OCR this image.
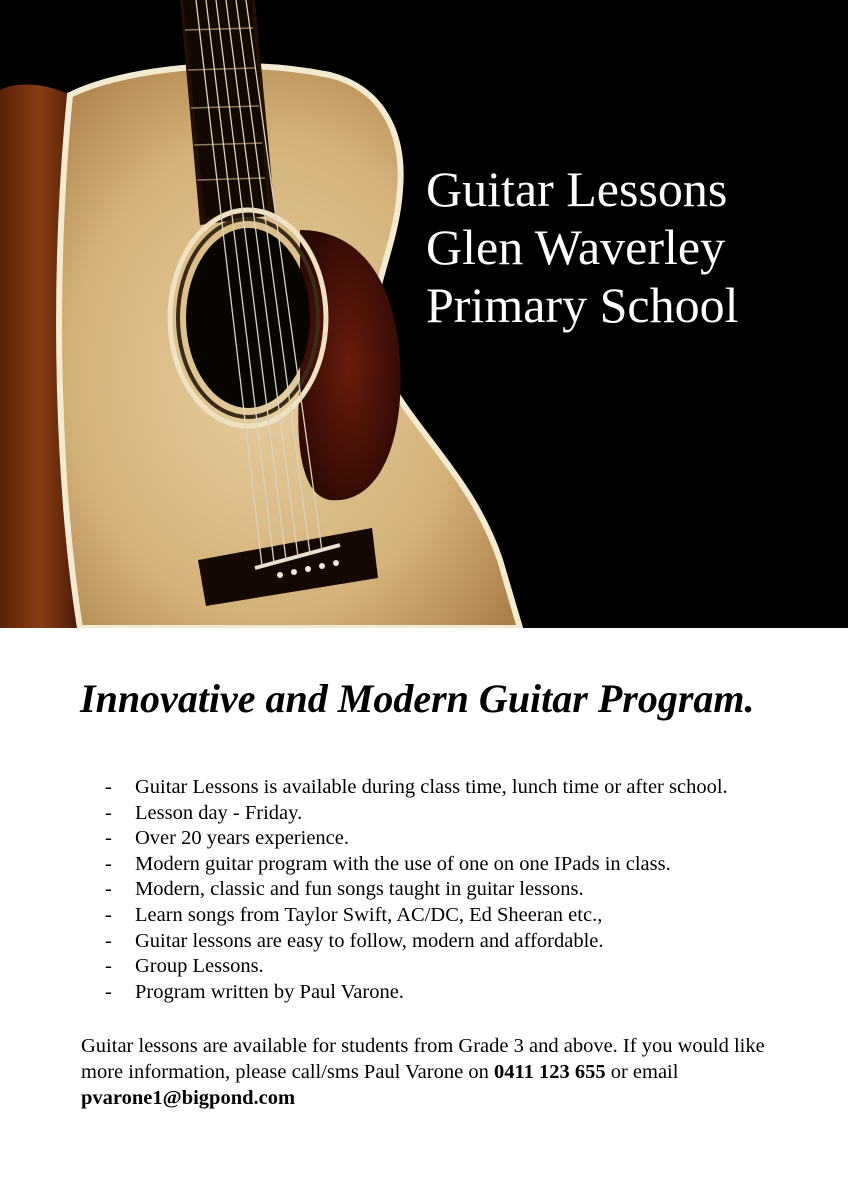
Guitar Lessons
Glen Waverley
Primary School
Innovative and Modern Guitar Program.
-	Guitar Lessons is available during class time, lunch time or after school.
-	Lesson day - Friday.
-	Over 20 years experience.
-	Modern guitar program with the use of one on one IPads in class.
-	Modern, classic and fun songs taught in guitar lessons.
-	Learn songs from Taylor Swift, AC/DC, Ed Sheeran etc.,
-	Guitar lessons are easy to follow, modern and affordable.
-	Group Lessons.
-	Program written by Paul Varone.
Guitar lessons are available for students from Grade 3 and above. If you would like more information, please call/sms Paul Varone on 0411 123 655 or email pvarone1@bigpond.com
